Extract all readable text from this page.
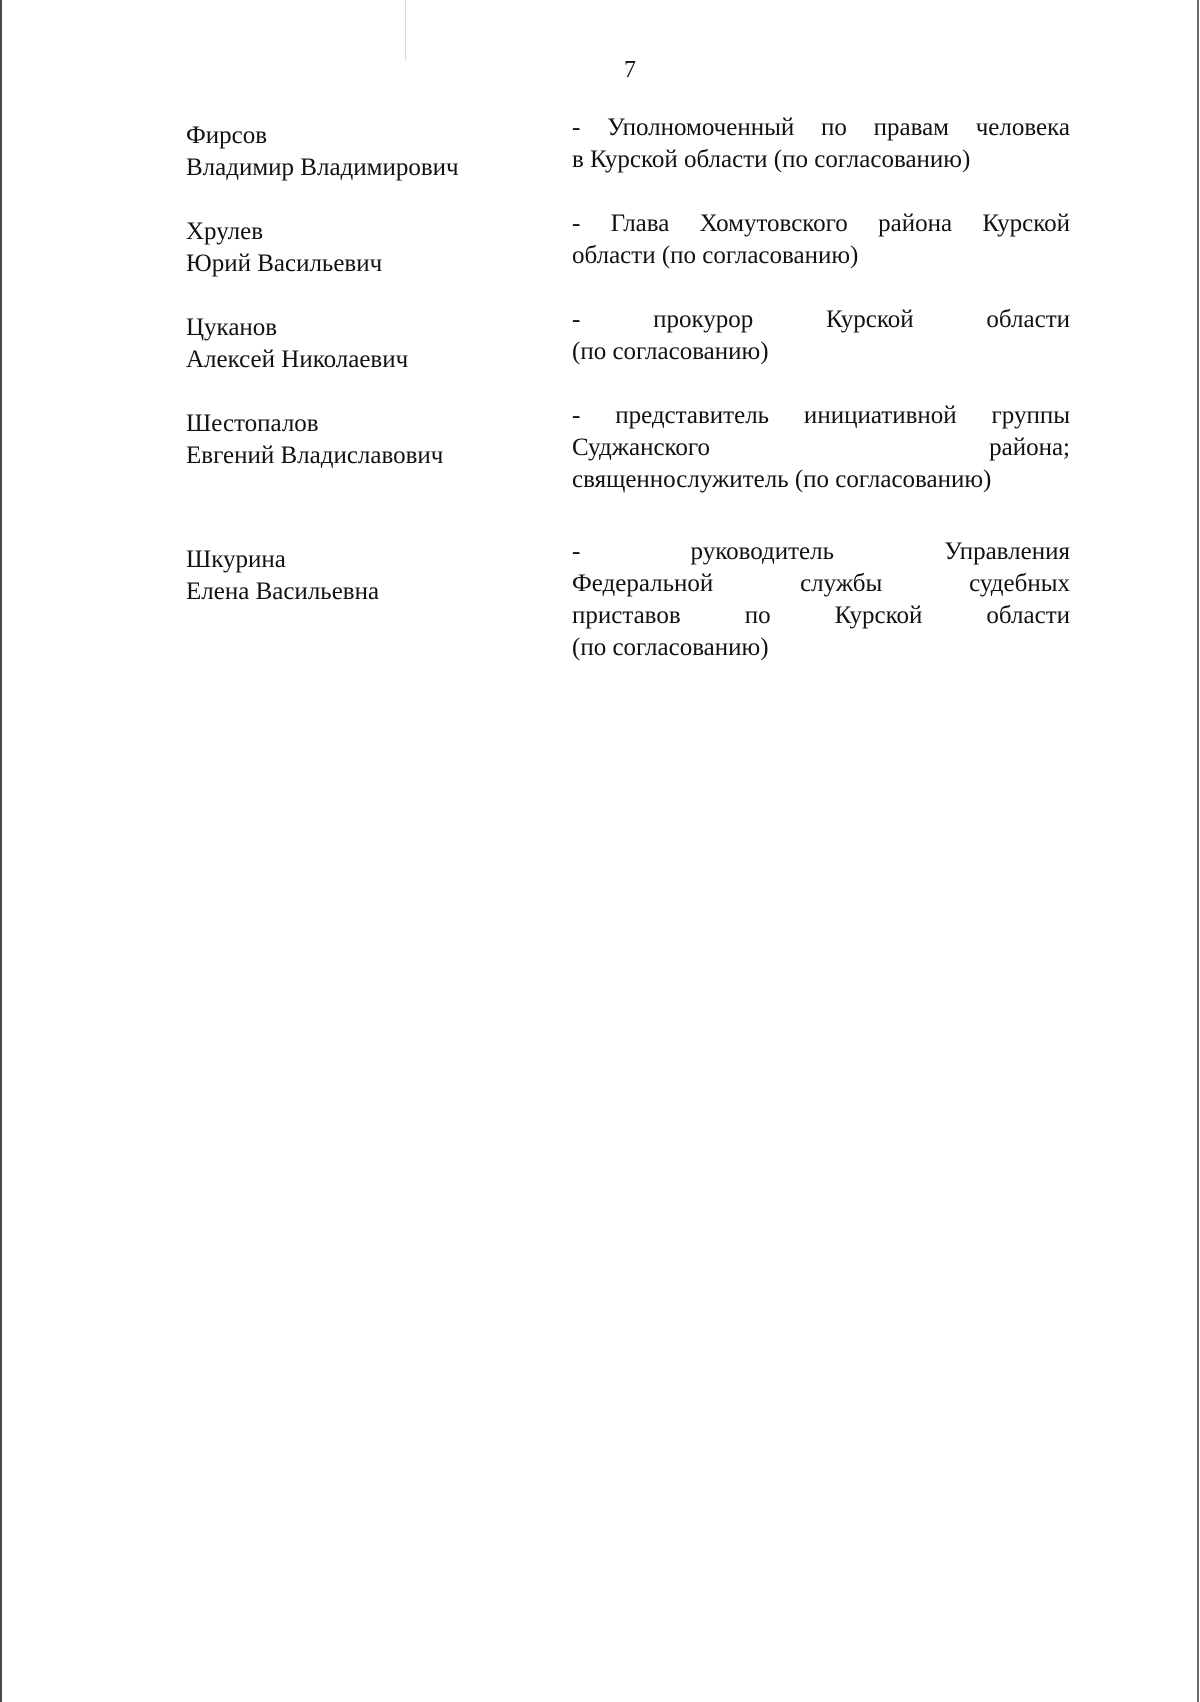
7
Фирсов
Владимир Владимирович
- Уполномоченный по правам человека
в Курской области (по согласованию)
Хрулев
Юрий Васильевич
- Глава Хомутовского района Курской
области (по согласованию)
Цуканов
Алексей Николаевич
- прокурор Курской области
(по согласованию)
Шестопалов
Евгений Владиславович
- представитель инициативной группы
Суджанского района;
священнослужитель (по согласованию)
Шкурина
Елена Васильевна
- руководитель Управления
Федеральной службы судебных
приставов по Курской области
(по согласованию)
